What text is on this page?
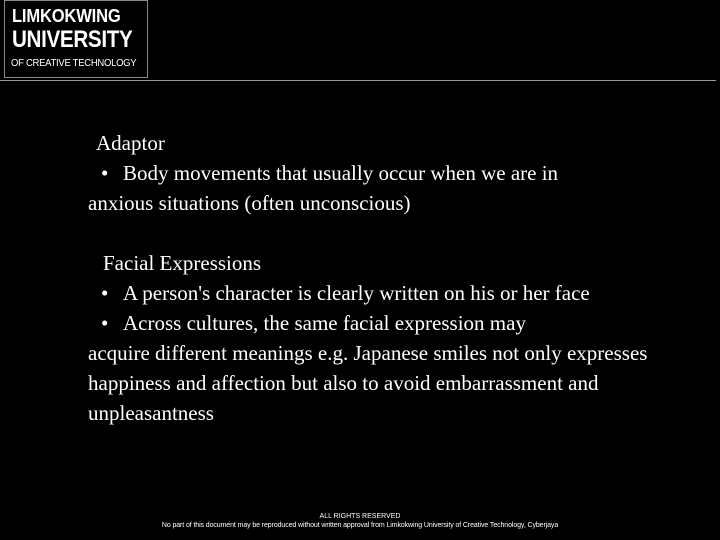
LIMKOKWING
UNIVERSITY
OF CREATIVE TECHNOLOGY
Adaptor
• Body movements that usually occur when we are in
anxious situations (often unconscious)
Facial Expressions
• A person's character is clearly written on his or her face
• Across cultures, the same facial expression may
acquire different meanings e.g. Japanese smiles not only expresses happiness and affection but also to avoid embarrassment and unpleasantness
ALL RIGHTS RESERVED
No part of this document may be reproduced without written approval from Limkokwing University of Creative Technology, Cyberjaya
